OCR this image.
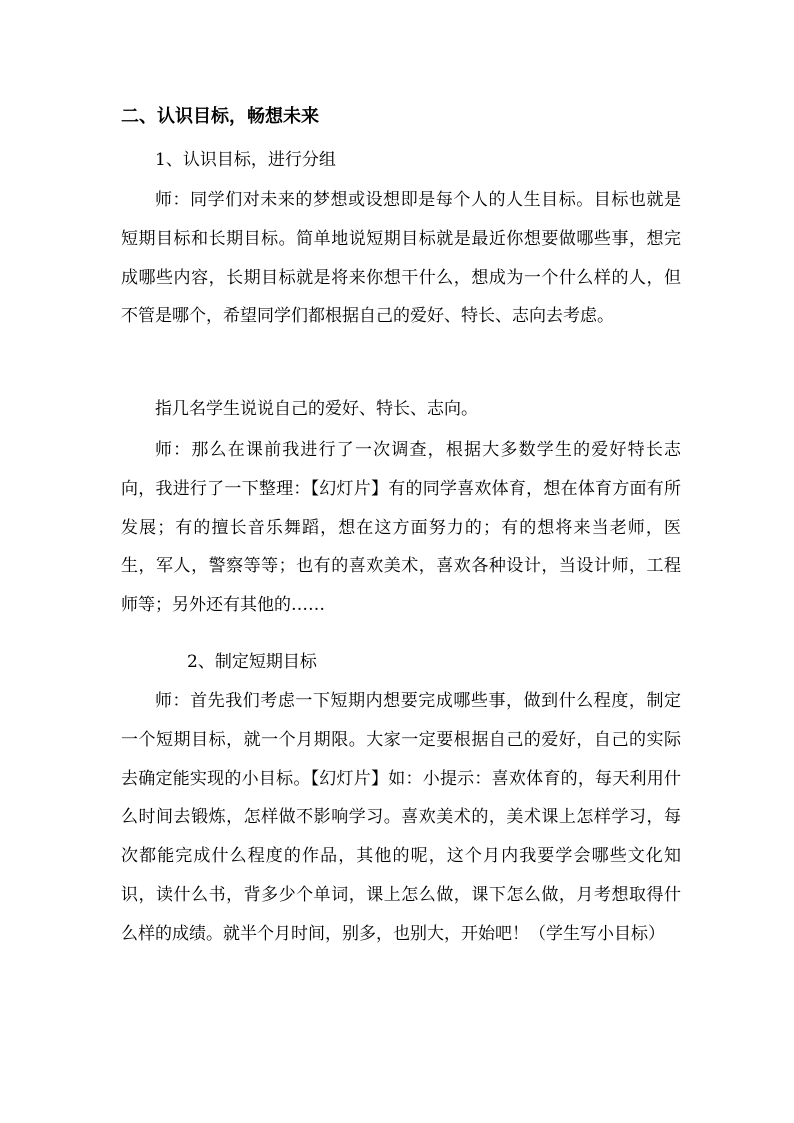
二、认识目标，畅想未来
1、认识目标，进行分组

师：同学们对未来的梦想或设想即是每个人的人生目标。目标也就是短期目标和长期目标。简单地说短期目标就是最近你想要做哪些事，想完成哪些内容，长期目标就是将来你想干什么，想成为一个什么样的人，但不管是哪个，希望同学们都根据自己的爱好、特长、志向去考虑。

指几名学生说说自己的爱好、特长、志向。

师：那么在课前我进行了一次调查，根据大多数学生的爱好特长志向，我进行了一下整理：【幻灯片】有的同学喜欢体育，想在体育方面有所发展；有的擅长音乐舞蹈，想在这方面努力的；有的想将来当老师，医生，军人，警察等等；也有的喜欢美术，喜欢各种设计，当设计师，工程师等；另外还有其他的……

2、制定短期目标

师：首先我们考虑一下短期内想要完成哪些事，做到什么程度，制定一个短期目标，就一个月期限。大家一定要根据自己的爱好，自己的实际去确定能实现的小目标。【幻灯片】如：小提示：喜欢体育的，每天利用什么时间去锻炼，怎样做不影响学习。喜欢美术的，美术课上怎样学习，每次都能完成什么程度的作品，其他的呢，这个月内我要学会哪些文化知识，读什么书，背多少个单词，课上怎么做，课下怎么做，月考想取得什么样的成绩。就半个月时间，别多，也别大，开始吧！（学生写小目标）
